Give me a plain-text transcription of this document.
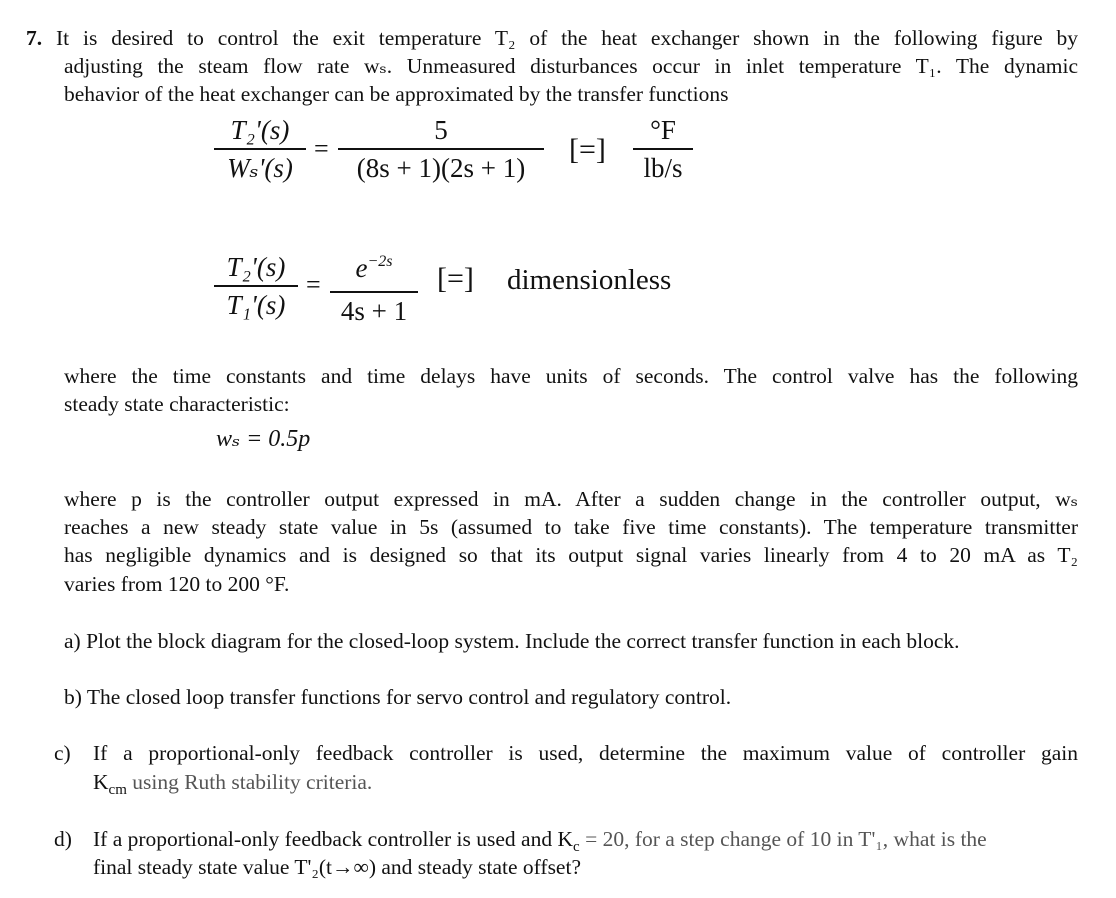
7. It is desired to control the exit temperature T₂ of the heat exchanger shown in the following figure by
adjusting the steam flow rate wₛ. Unmeasured disturbances occur in inlet temperature T₁. The dynamic
behavior of the heat exchanger can be approximated by the transfer functions
T₂'(s)
Wₛ'(s)
=
5
(8s + 1)(2s + 1)
[=]
°F
lb/s
T₂'(s)
T₁'(s)
=
$e^{-2s}$
4s + 1
[=] dimensionless
where the time constants and time delays have units of seconds. The control valve has the following
steady state characteristic:
wₛ = 0.5p
where p is the controller output expressed in mA. After a sudden change in the controller output, wₛ
reaches a new steady state value in 5s (assumed to take five time constants). The temperature transmitter
has negligible dynamics and is designed so that its output signal varies linearly from 4 to 20 mA as T₂
varies from 120 to 200 °F.
a) Plot the block diagram for the closed-loop system. Include the correct transfer function in each block.
b) The closed loop transfer functions for servo control and regulatory control.
c) If a proportional-only feedback controller is used, determine the maximum value of controller gain
$K_{cm}$ using Ruth stability criteria.
d) If a proportional-only feedback controller is used and $K_c = 20$, for a step change of 10 in T'₁, what is the
final steady state value T'₂(t→∞) and steady state offset?
